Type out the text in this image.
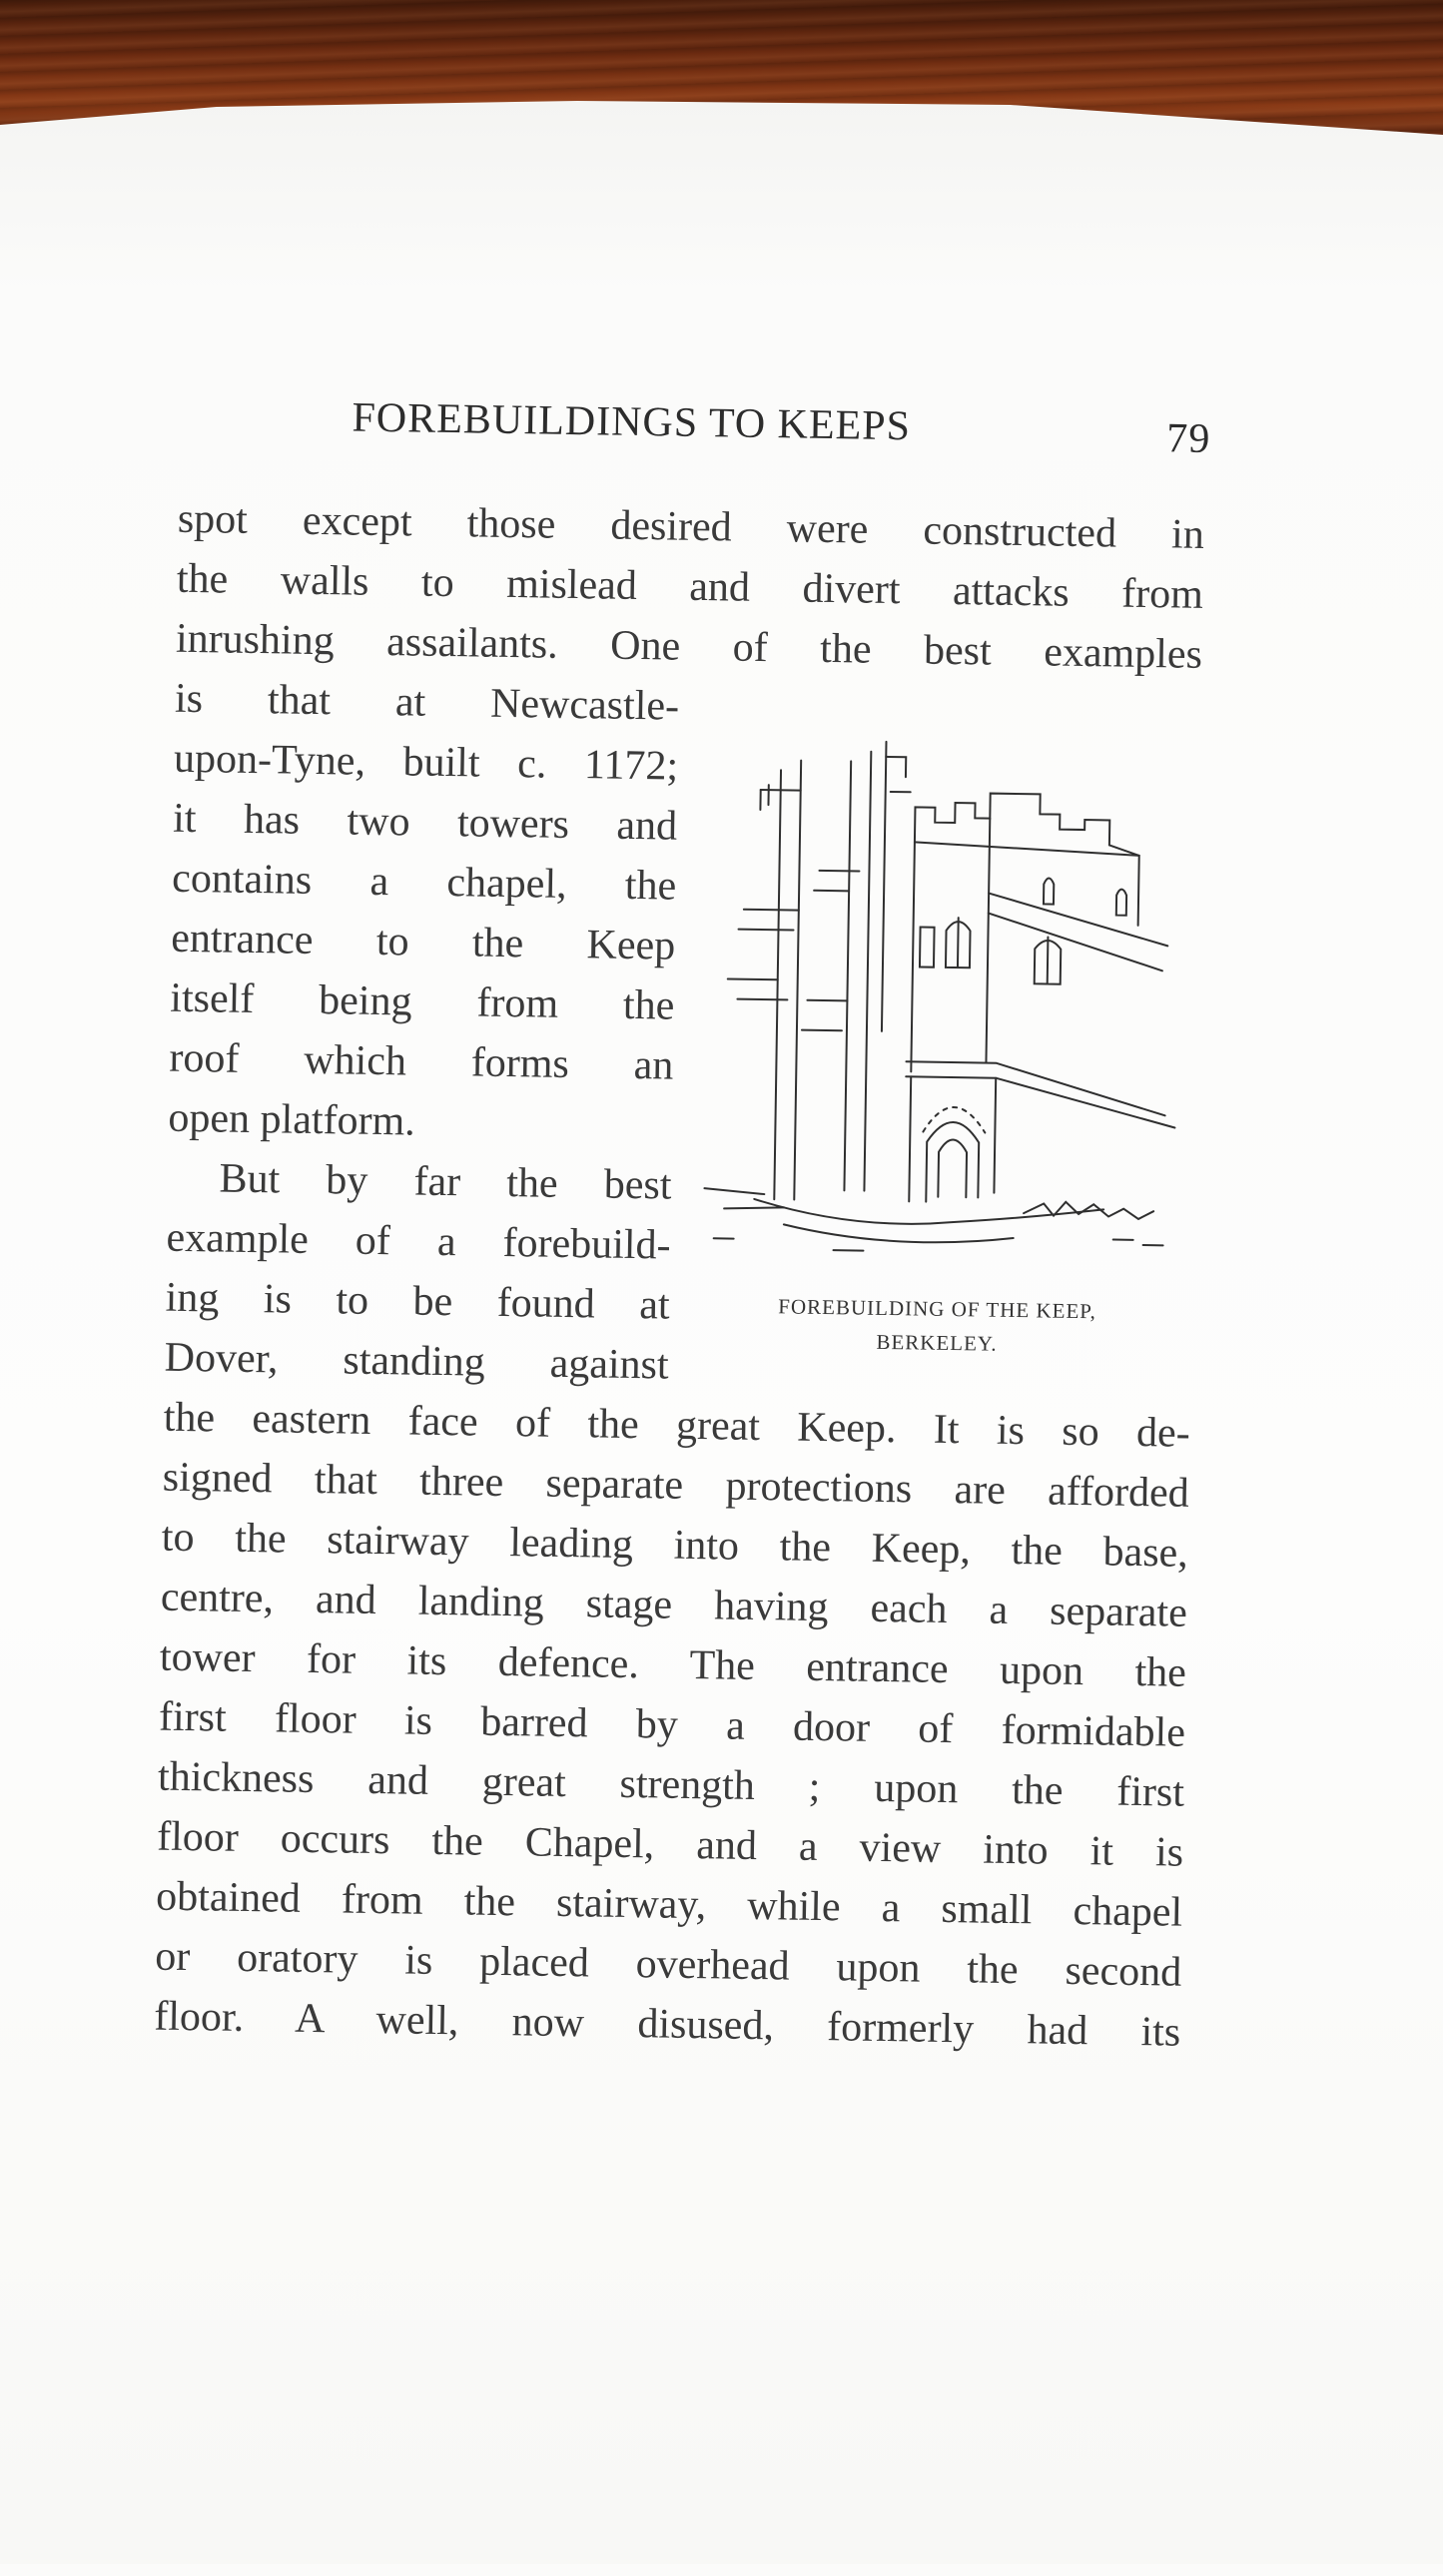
FOREBUILDINGS TO KEEPS	79
spot except those desired were constructed in
the walls to mislead and divert attacks from
inrushing assailants. One of the best examples
is that at Newcastle-
upon-Tyne, built c. 1172;
it has two towers and
contains a chapel, the
entrance to the Keep
itself being from the
roof which forms an
open platform.
But by far the best
example of a forebuild-
ing is to be found at
Dover, standing against
the eastern face of the great Keep. It is so de-
signed that three separate protections are afforded
to the stairway leading into the Keep, the base,
centre, and landing stage having each a separate
tower for its defence. The entrance upon the
first floor is barred by a door of formidable
thickness and great strength ; upon the first
floor occurs the Chapel, and a view into it is
obtained from the stairway, while a small chapel
or oratory is placed overhead upon the second
floor. A well, now disused, formerly had its
FOREBUILDING OF THE KEEP,
BERKELEY.
